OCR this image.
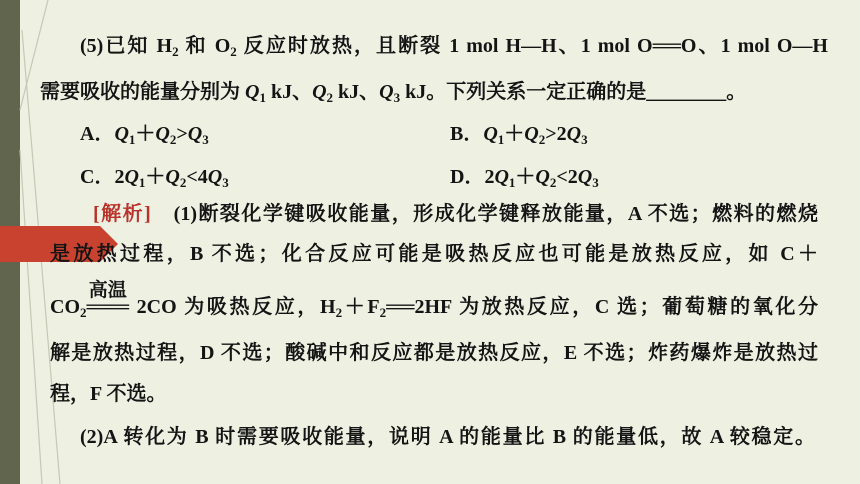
(5)已知 $H_2$ 和 $O_2$ 反应时放热，且断裂 1 mol H—H、1 mol O══O、1 mol O—H
需要吸收的能量分别为 $Q_1$ kJ、$Q_2$ kJ、$Q_3$ kJ。下列关系一定正确的是________。
A．$Q_1+Q_2>Q_3$	B．$Q_1+Q_2>2Q_3$
C．$2Q_1+Q_2<4Q_3$	D．$2Q_1+Q_2<2Q_3$
[解析]　(1)断裂化学键吸收能量，形成化学键释放能量，A 不选；燃料的燃烧
是放热过程，B 不选；化合反应可能是吸热反应也可能是放热反应，如 C＋
$CO_2═══$
高温
2CO 为吸热反应，$H_2+F_2══2HF$ 为放热反应，C 选；葡萄糖的氧化分
解是放热过程，D 不选；酸碱中和反应都是放热反应，E 不选；炸药爆炸是放热过
程，F 不选。
(2)A 转化为 B 时需要吸收能量，说明 A 的能量比 B 的能量低，故 A 较稳定。
